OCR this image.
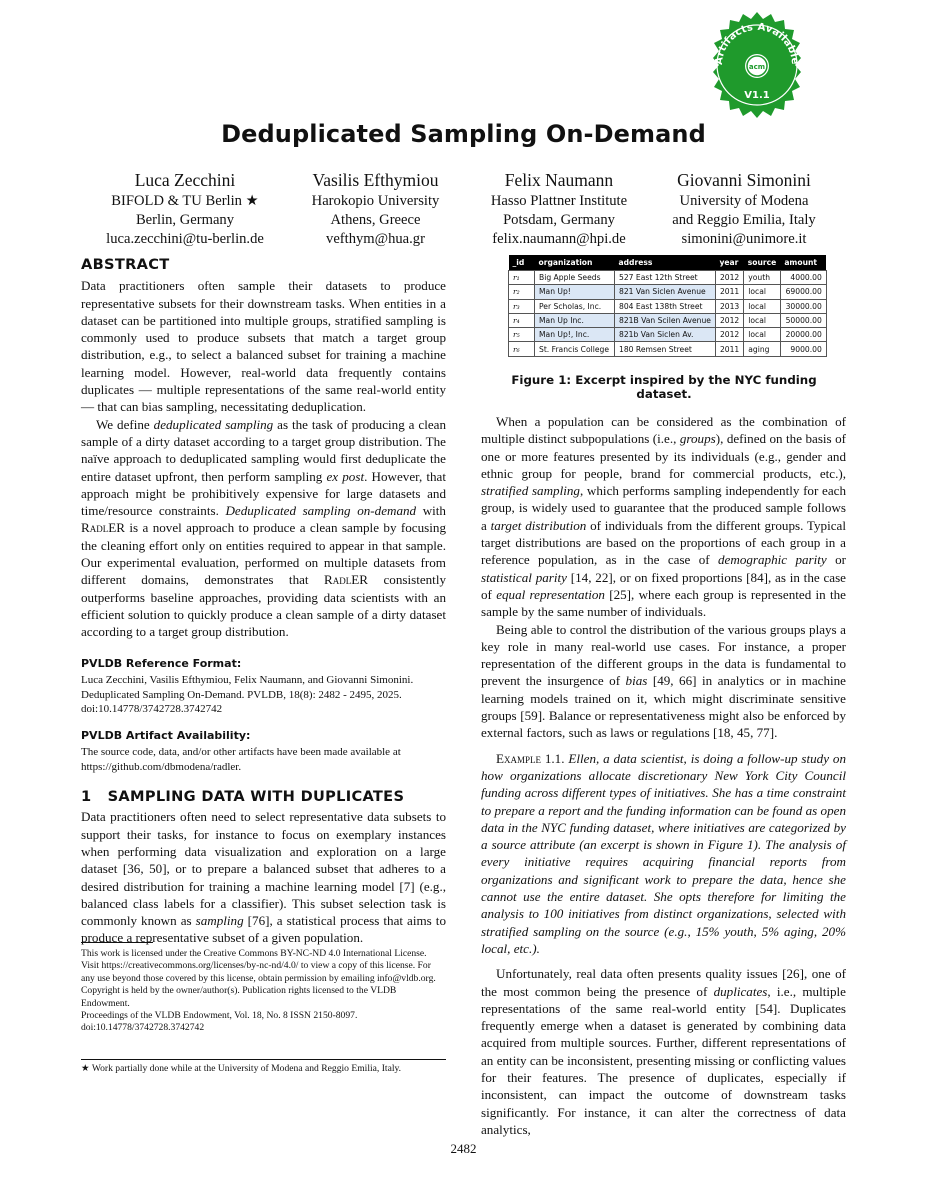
Artifacts Available
acm
V1.1
Deduplicated Sampling On-Demand
Luca Zecchini
BIFOLD & TU Berlin ★
Berlin, Germany
luca.zecchini@tu-berlin.de
Vasilis Efthymiou
Harokopio University
Athens, Greece
vefthym@hua.gr
Felix Naumann
Hasso Plattner Institute
Potsdam, Germany
felix.naumann@hpi.de
Giovanni Simonini
University of Modena
and Reggio Emilia, Italy
simonini@unimore.it
ABSTRACT

Data practitioners often sample their datasets to produce representative subsets for their downstream tasks. When entities in a dataset can be partitioned into multiple groups, stratified sampling is commonly used to produce subsets that match a target group distribution, e.g., to select a balanced subset for training a machine learning model. However, real-world data frequently contains duplicates — multiple representations of the same real-world entity — that can bias sampling, necessitating deduplication.

We define deduplicated sampling as the task of producing a clean sample of a dirty dataset according to a target group distribution. The naïve approach to deduplicated sampling would first deduplicate the entire dataset upfront, then perform sampling ex post. However, that approach might be prohibitively expensive for large datasets and time/resource constraints. Deduplicated sampling on-demand with RadlER is a novel approach to produce a clean sample by focusing the cleaning effort only on entities required to appear in that sample. Our experimental evaluation, performed on multiple datasets from different domains, demonstrates that RadlER consistently outperforms baseline approaches, providing data scientists with an efficient solution to quickly produce a clean sample of a dirty dataset according to a target group distribution.

PVLDB Reference Format:
Luca Zecchini, Vasilis Efthymiou, Felix Naumann, and Giovanni Simonini. Deduplicated Sampling On-Demand. PVLDB, 18(8): 2482 - 2495, 2025. doi:10.14778/3742728.3742742
PVLDB Artifact Availability:
The source code, data, and/or other artifacts have been made available at https://github.com/dbmodena/radler.
1   SAMPLING DATA WITH DUPLICATES

Data practitioners often need to select representative data subsets to support their tasks, for instance to focus on exemplary instances when performing data visualization and exploration on a large dataset [36, 50], or to prepare a balanced subset that adheres to a desired distribution for training a machine learning model [7] (e.g., balanced class labels for a classifier). This subset selection task is commonly known as sampling [76], a statistical process that aims to produce a representative subset of a given population.

This work is licensed under the Creative Commons BY-NC-ND 4.0 International License. Visit https://creativecommons.org/licenses/by-nc-nd/4.0/ to view a copy of this license. For any use beyond those covered by this license, obtain permission by emailing info@vldb.org. Copyright is held by the owner/author(s). Publication rights licensed to the VLDB Endowment.
Proceedings of the VLDB Endowment, Vol. 18, No. 8 ISSN 2150-8097.
doi:10.14778/3742728.3742742
★ Work partially done while at the University of Modena and Reggio Emilia, Italy.
_id	organization	address	year	source	amount
r₁	Big Apple Seeds	527 East 12th Street	2012	youth	4000.00
r₂	Man Up!	821 Van Siclen Avenue	2011	local	69000.00
r₃	Per Scholas, Inc.	804 East 138th Street	2013	local	30000.00
r₄	Man Up Inc.	821B Van Scilen Avenue	2012	local	50000.00
r₅	Man Up!, Inc.	821b Van Siclen Av.	2012	local	20000.00
r₆	St. Francis College	180 Remsen Street	2011	aging	9000.00
Figure 1: Excerpt inspired by the NYC funding dataset.

When a population can be considered as the combination of multiple distinct subpopulations (i.e., groups), defined on the basis of one or more features presented by its individuals (e.g., gender and ethnic group for people, brand for commercial products, etc.), stratified sampling, which performs sampling independently for each group, is widely used to guarantee that the produced sample follows a target distribution of individuals from the different groups. Typical target distributions are based on the proportions of each group in a reference population, as in the case of demographic parity or statistical parity [14, 22], or on fixed proportions [84], as in the case of equal representation [25], where each group is represented in the sample by the same number of individuals.

Being able to control the distribution of the various groups plays a key role in many real-world use cases. For instance, a proper representation of the different groups in the data is fundamental to prevent the insurgence of bias [49, 66] in analytics or in machine learning models trained on it, which might discriminate sensitive groups [59]. Balance or representativeness might also be enforced by external factors, such as laws or regulations [18, 45, 77].

Example 1.1. Ellen, a data scientist, is doing a follow-up study on how organizations allocate discretionary New York City Council funding across different types of initiatives. She has a time constraint to prepare a report and the funding information can be found as open data in the NYC funding dataset, where initiatives are categorized by a source attribute (an excerpt is shown in Figure 1). The analysis of every initiative requires acquiring financial reports from organizations and significant work to prepare the data, hence she cannot use the entire dataset. She opts therefore for limiting the analysis to 100 initiatives from distinct organizations, selected with stratified sampling on the source (e.g., 15% youth, 5% aging, 20% local, etc.).

Unfortunately, real data often presents quality issues [26], one of the most common being the presence of duplicates, i.e., multiple representations of the same real-world entity [54]. Duplicates frequently emerge when a dataset is generated by combining data acquired from multiple sources. Further, different representations of an entity can be inconsistent, presenting missing or conflicting values for their features. The presence of duplicates, especially if inconsistent, can impact the outcome of downstream tasks significantly. For instance, it can alter the correctness of data analytics,

2482
